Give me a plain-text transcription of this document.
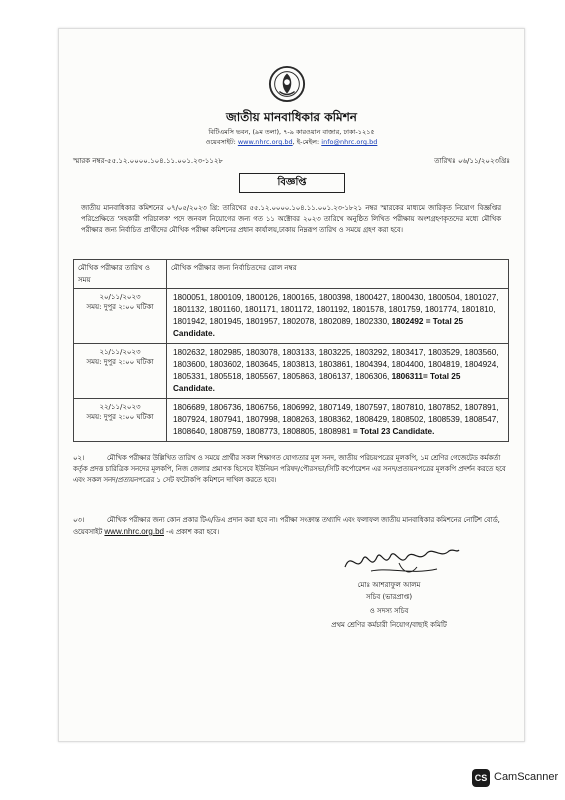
জাতীয় মানবাধিকার কমিশন
বিটিএমসি ভবন, (৯ম তলা), ৭-৯ কারওয়ান বাজার, ঢাকা-১২১৫
ওয়েবসাইট: www.nhrc.org.bd, ই-মেইল: info@nhrc.org.bd
স্মারক নম্বর-৫৫.১২.০০০০.১০৪.১১.০০১.২৩-১১২৮	তারিখঃ ০৬/১১/২০২৩খ্রিঃ
বিজ্ঞপ্তি
জাতীয় মানবাধিকার কমিশনের ০৭/০৫/২০২৩ খ্রি: তারিখের ৫৫.১২.০০০০.১০৪.১১.০০১.২৩-১৮২১ নম্বর স্মারকের মাধ্যমে জারিকৃত নিয়োগ বিজ্ঞপ্তির পরিপ্রেক্ষিতে 'সহকারী পরিচালক' পদে জনবল নিয়োগের জন্য গত ১১ অক্টোবর ২০২৩ তারিখে অনুষ্ঠিত লিখিত পরীক্ষায় অংশগ্রহণকৃতদের মধ্যে মৌখিক পরীক্ষার জন্য নির্বাচিত প্রার্থীদের মৌখিক পরীক্ষা কমিশনের প্রধান কার্যালয়,ঢাকায় নিম্নরূপ তারিখ ও সময়ে গ্রহণ করা হবে।
মৌখিক পরীক্ষার তারিখ ও সময়	মৌখিক পরীক্ষার জন্য নির্বাচিতদের রোল নম্বর

২০/১১/২০২৩
সময়: দুপুর ২:০০ ঘটিকা	1800051, 1800109, 1800126, 1800165, 1800398, 1800427, 1800430, 1800504, 1801027, 1801132, 1801160, 1801171, 1801172, 1801192, 1801578, 1801759, 1801774, 1801810, 1801942, 1801945, 1801957, 1802078, 1802089, 1802330, 1802492 = Total 25 Candidate.

২১/১১/২০২৩
সময়: দুপুর ২:০০ ঘটিকা	1802632, 1802985, 1803078, 1803133, 1803225, 1803292, 1803417, 1803529, 1803560, 1803600, 1803602, 1803645, 1803813, 1803861, 1804394, 1804400, 1804819, 1804924, 1805331, 1805518, 1805567, 1805863, 1806137, 1806306, 1806311= Total 25 Candidate.

২২/১১/২০২৩
সময়: দুপুর ২:০০ ঘটিকা	1806689, 1806736, 1806756, 1806992, 1807149, 1807597, 1807810, 1807852, 1807891, 1807924, 1807941, 1807998, 1808263, 1808362, 1808429, 1808502, 1808539, 1808547, 1808640, 1808759, 1808773, 1808805, 1808981 = Total 23 Candidate.
০২।	মৌখিক পরীক্ষার উল্লিখিত তারিখ ও সময়ে প্রার্থীর সকল শিক্ষাগত যোগ্যতার মূল সনদ, জাতীয় পরিচয়পত্রের মূলকপি, ১ম শ্রেণির গেজেটেড কর্মকর্তা কর্তৃক প্রদত্ত চারিত্রিক সনদের মূলকপি, নিজ জেলার প্রমাণক হিসেবে ইউনিয়ন পরিষদ/পৌরসভা/সিটি কর্পোরেশন এর সনদ/প্রত্যয়নপত্রের মূলকপি প্রদর্শন করতে হবে এবং সকল সনদ/প্রত্যয়নপত্রের ১ সেট ফটোকপি কমিশনে দাখিল করতে হবে।
০৩।	মৌখিক পরীক্ষার জন্য কোন প্রকার টিএ/ডিএ প্রদান করা হবে না। পরীক্ষা সংক্রান্ত তথ্যাদি এবং ফলাফল জাতীয় মানবাধিকার কমিশনের নোটিশ বোর্ড, ওয়েবসাইট www.nhrc.org.bd -এ প্রকাশ করা হবে।
মোঃ আশরাফুল আলম
সচিব (ভারপ্রাপ্ত)
ও সদস্য সচিব
প্রথম শ্রেণির কর্মচারী নিয়োগ/বাছাই কমিটি
CS CamScanner
